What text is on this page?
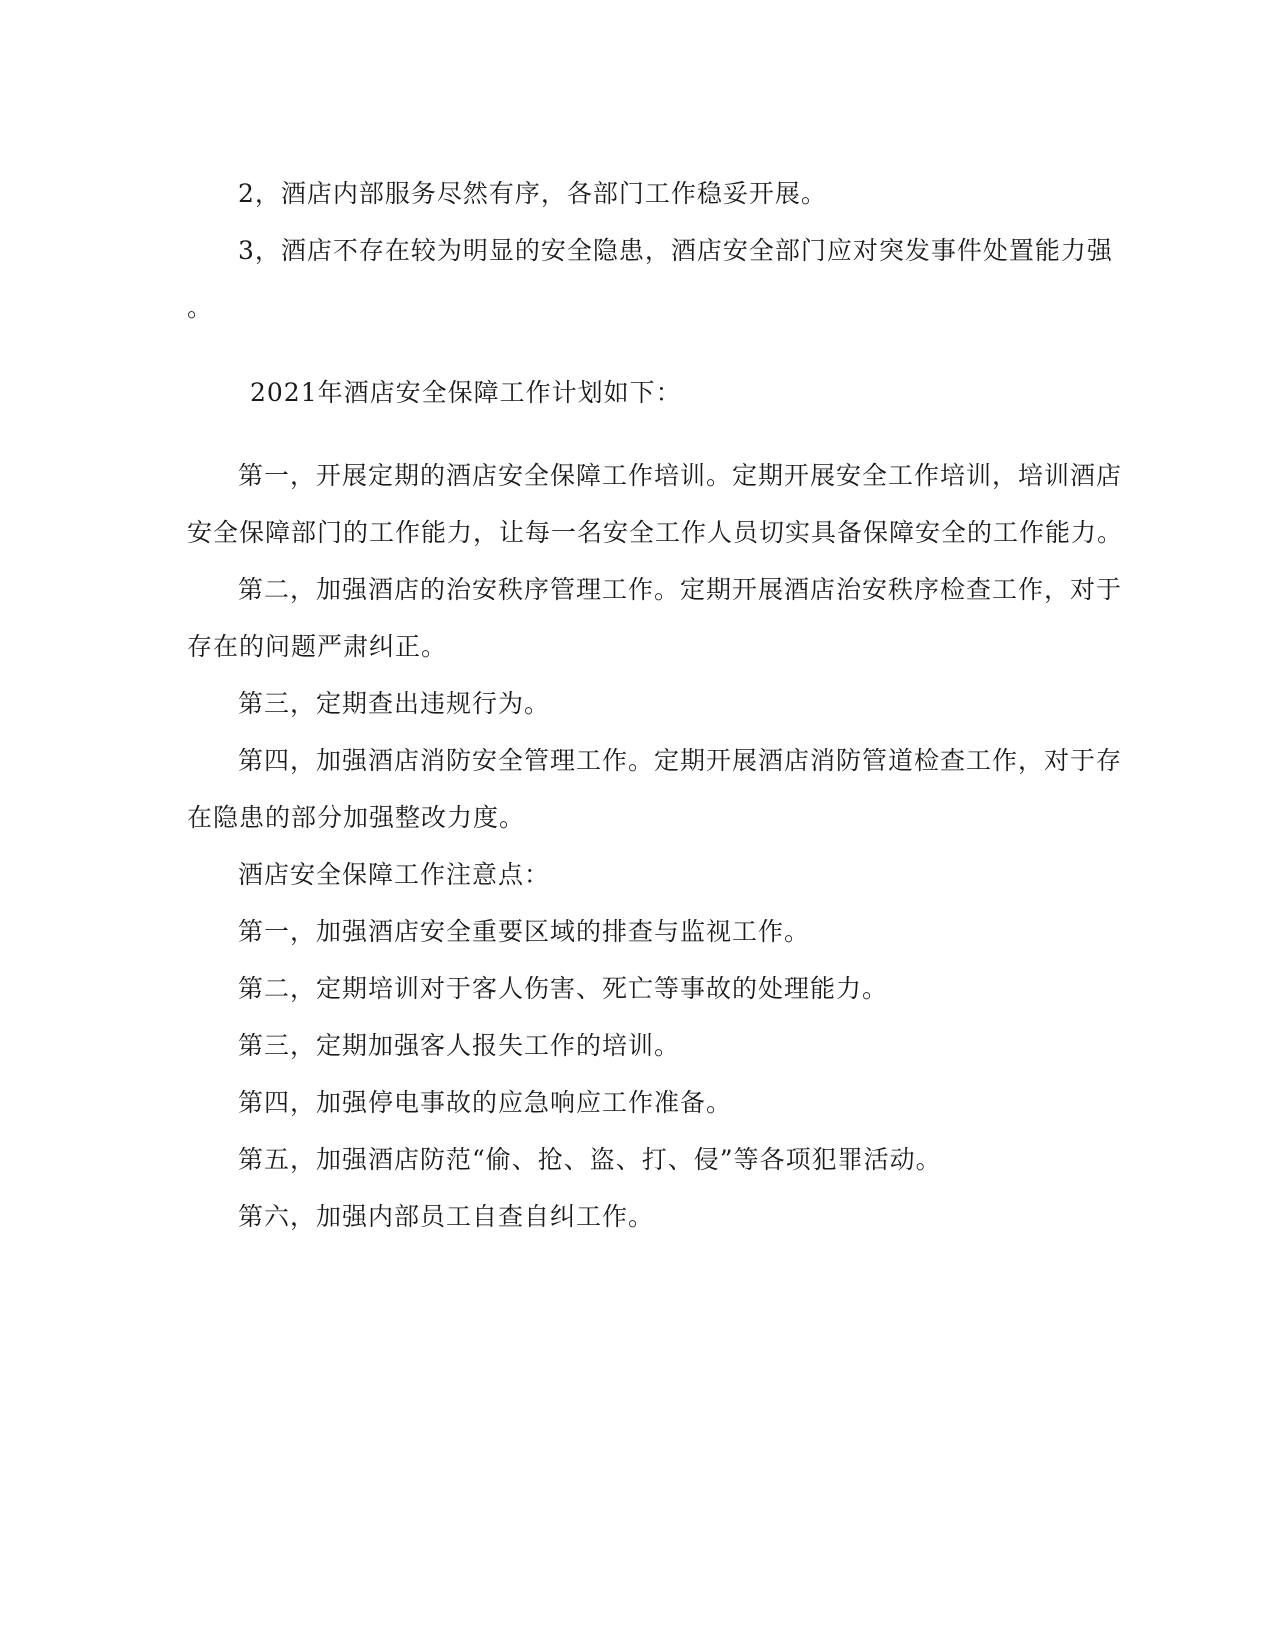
2，酒店内部服务尽然有序，各部门工作稳妥开展。

3，酒店不存在较为明显的安全隐患，酒店安全部门应对突发事件处置能力强

。

2021年酒店安全保障工作计划如下：

第一，开展定期的酒店安全保障工作培训。定期开展安全工作培训，培训酒店

安全保障部门的工作能力，让每一名安全工作人员切实具备保障安全的工作能力。

第二，加强酒店的治安秩序管理工作。定期开展酒店治安秩序检查工作，对于

存在的问题严肃纠正。

第三，定期查出违规行为。

第四，加强酒店消防安全管理工作。定期开展酒店消防管道检查工作，对于存

在隐患的部分加强整改力度。

酒店安全保障工作注意点：

第一，加强酒店安全重要区域的排查与监视工作。

第二，定期培训对于客人伤害、死亡等事故的处理能力。

第三，定期加强客人报失工作的培训。

第四，加强停电事故的应急响应工作准备。

第五，加强酒店防范“偷、抢、盗、打、侵”等各项犯罪活动。

第六，加强内部员工自查自纠工作。
